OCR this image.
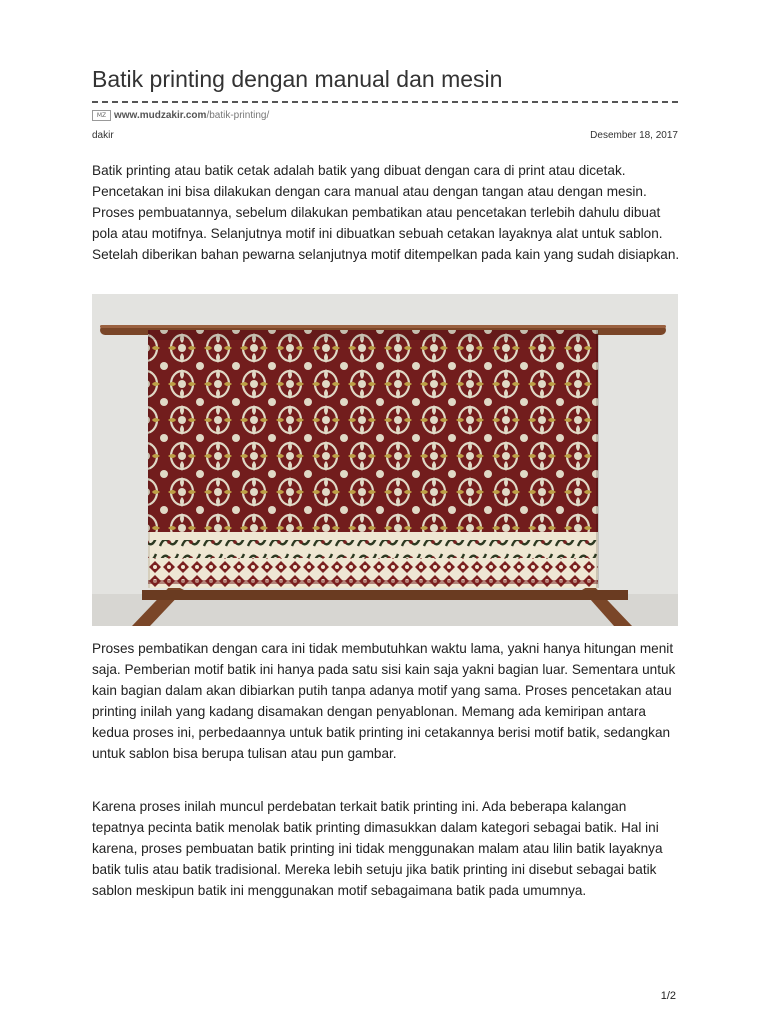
Batik printing dengan manual dan mesin
MZ www.mudzakir.com /batik-printing/
dakir	Desember 18, 2017

Batik printing atau batik cetak adalah batik yang dibuat dengan cara di print atau dicetak. Pencetakan ini bisa dilakukan dengan cara manual atau dengan tangan atau dengan mesin. Proses pembuatannya, sebelum dilakukan pembatikan atau pencetakan terlebih dahulu dibuat pola atau motifnya. Selanjutnya motif ini dibuatkan sebuah cetakan layaknya alat untuk sablon. Setelah diberikan bahan pewarna selanjutnya motif ditempelkan pada kain yang sudah disiapkan.

Proses pembatikan dengan cara ini tidak membutuhkan waktu lama, yakni hanya hitungan menit saja. Pemberian motif batik ini hanya pada satu sisi kain saja yakni bagian luar. Sementara untuk kain bagian dalam akan dibiarkan putih tanpa adanya motif yang sama. Proses pencetakan atau printing inilah yang kadang disamakan dengan penyablonan. Memang ada kemiripan antara kedua proses ini, perbedaannya untuk batik printing ini cetakannya berisi motif batik, sedangkan untuk sablon bisa berupa tulisan atau pun gambar.

Karena proses inilah muncul perdebatan terkait batik printing ini. Ada beberapa kalangan tepatnya pecinta batik menolak batik printing dimasukkan dalam kategori sebagai batik. Hal ini karena, proses pembuatan batik printing ini tidak menggunakan malam atau lilin batik layaknya batik tulis atau batik tradisional. Mereka lebih setuju jika batik printing ini disebut sebagai batik sablon meskipun batik ini menggunakan motif sebagaimana batik pada umumnya.

1/2
